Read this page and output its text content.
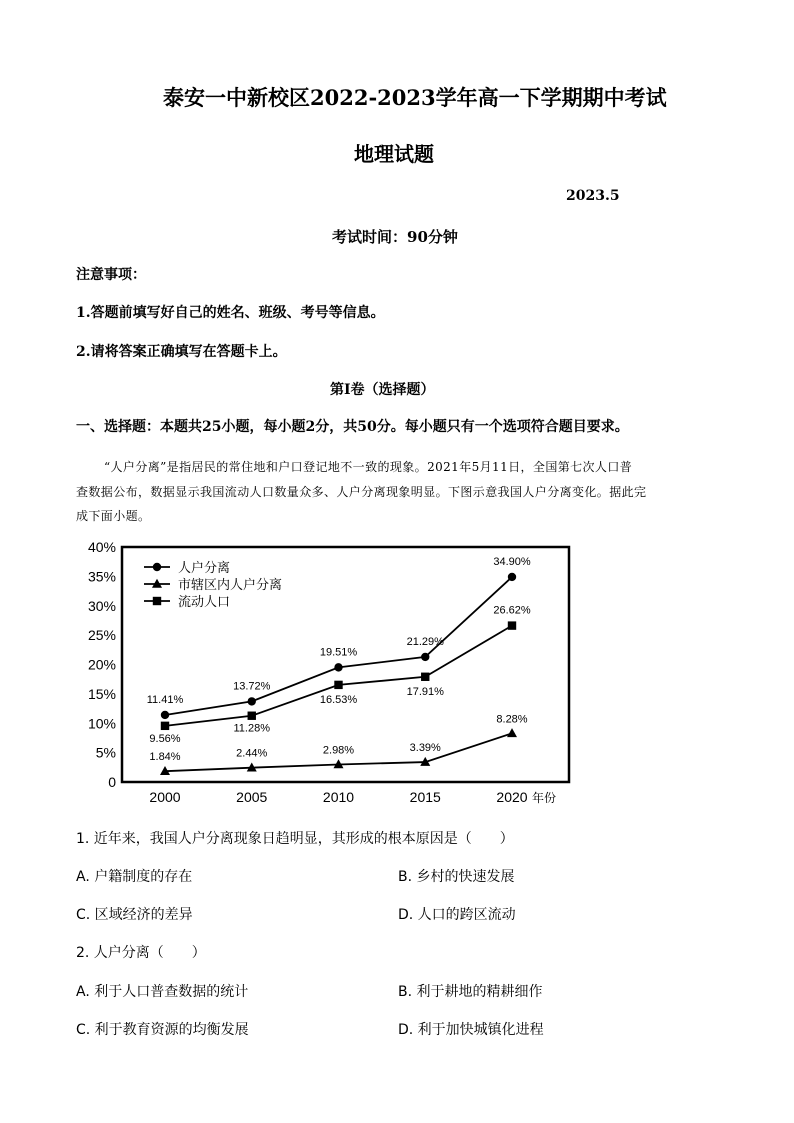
泰安一中新校区2022-2023学年高一下学期期中考试
地理试题
2023.5
考试时间：90分钟
注意事项：
1.答题前填写好自己的姓名、班级、考号等信息。
2.请将答案正确填写在答题卡上。
第Ⅰ卷（选择题）
一、选择题：本题共25小题，每小题2分，共50分。每小题只有一个选项符合题目要求。
“人户分离”是指居民的常住地和户口登记地不一致的现象。2021年5月11日，全国第七次人口普
查数据公布，数据显示我国流动人口数量众多、人户分离现象明显。下图示意我国人户分离变化。据此完
成下面小题。
0
5%
10%
15%
20%
25%
30%
35%
40%
2000	2005	2010	2015	2020 年份
11.41%
13.72%
19.51%
21.29%
34.90%
1.84%	2.44%	2.98%	3.39%
8.28%
9.56%
11.28%
16.53%
17.91%
26.62%
人户分离
市辖区内人户分离
流动人口
1. 近年来，我国人户分离现象日趋明显，其形成的根本原因是（　　）
A. 户籍制度的存在	B. 乡村的快速发展
C. 区域经济的差异	D. 人口的跨区流动
2. 人户分离（　　）
A. 利于人口普查数据的统计	B. 利于耕地的精耕细作
C. 利于教育资源的均衡发展	D. 利于加快城镇化进程
